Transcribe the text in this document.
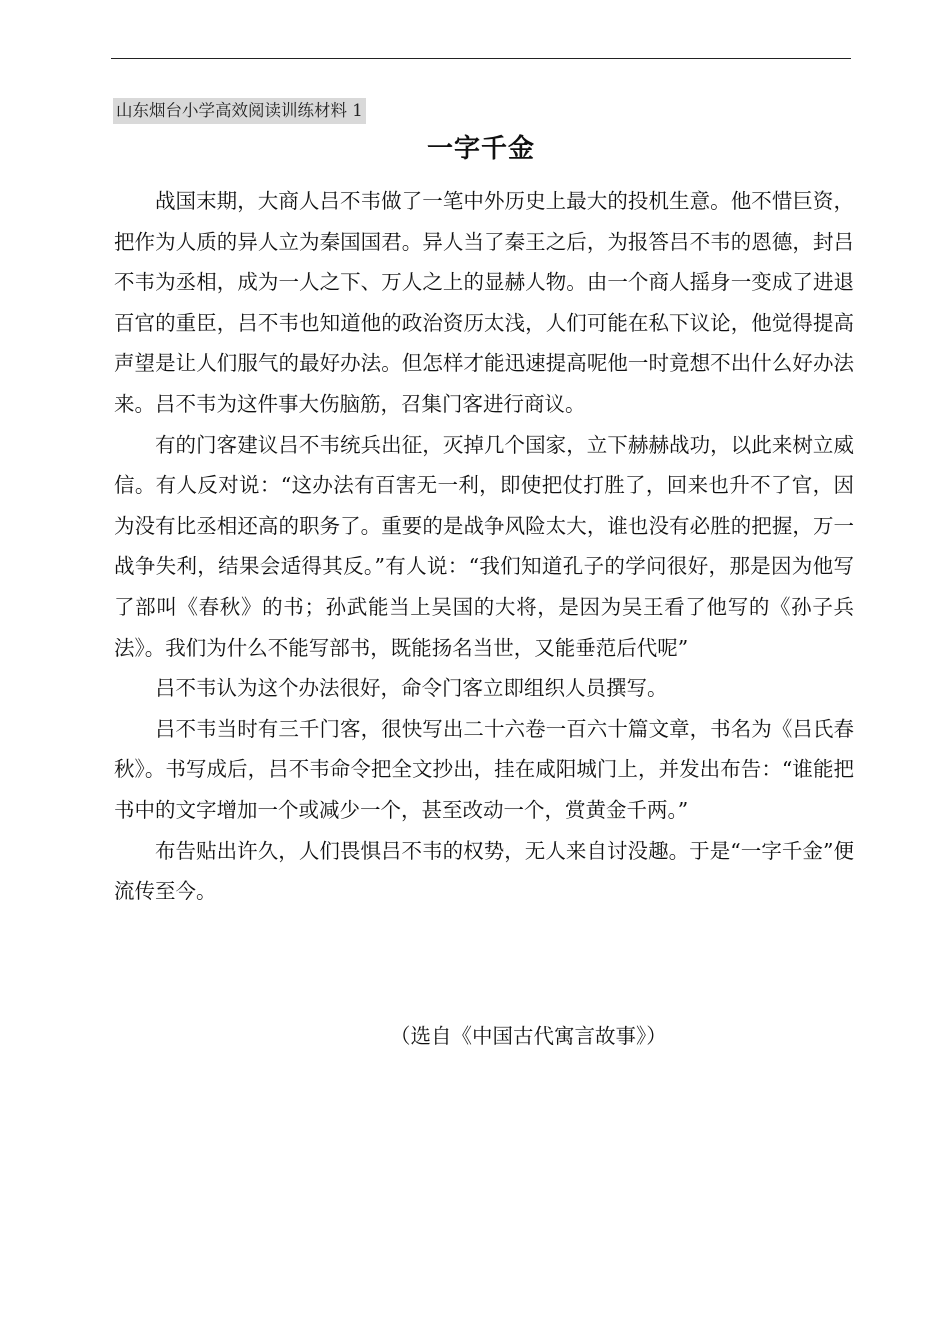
山东烟台小学高效阅读训练材料 1
一字千金

战国末期，大商人吕不韦做了一笔中外历史上最大的投机生意。他不惜巨资，把作为人质的异人立为秦国国君。异人当了秦王之后，为报答吕不韦的恩德，封吕不韦为丞相，成为一人之下、万人之上的显赫人物。由一个商人摇身一变成了进退百官的重臣，吕不韦也知道他的政治资历太浅，人们可能在私下议论，他觉得提高声望是让人们服气的最好办法。但怎样才能迅速提高呢他一时竟想不出什么好办法来。吕不韦为这件事大伤脑筋，召集门客进行商议。

有的门客建议吕不韦统兵出征，灭掉几个国家，立下赫赫战功，以此来树立威信。有人反对说：“这办法有百害无一利，即使把仗打胜了，回来也升不了官，因为没有比丞相还高的职务了。重要的是战争风险太大，谁也没有必胜的把握，万一战争失利，结果会适得其反。”有人说：“我们知道孔子的学问很好，那是因为他写了部叫《春秋》的书；孙武能当上吴国的大将，是因为吴王看了他写的《孙子兵法》。我们为什么不能写部书，既能扬名当世，又能垂范后代呢”

吕不韦认为这个办法很好，命令门客立即组织人员撰写。

吕不韦当时有三千门客，很快写出二十六卷一百六十篇文章，书名为《吕氏春秋》。书写成后，吕不韦命令把全文抄出，挂在咸阳城门上，并发出布告：“谁能把书中的文字增加一个或减少一个，甚至改动一个，赏黄金千两。”

布告贴出许久，人们畏惧吕不韦的权势，无人来自讨没趣。于是“一字千金”便流传至今。

（选自《中国古代寓言故事》）
